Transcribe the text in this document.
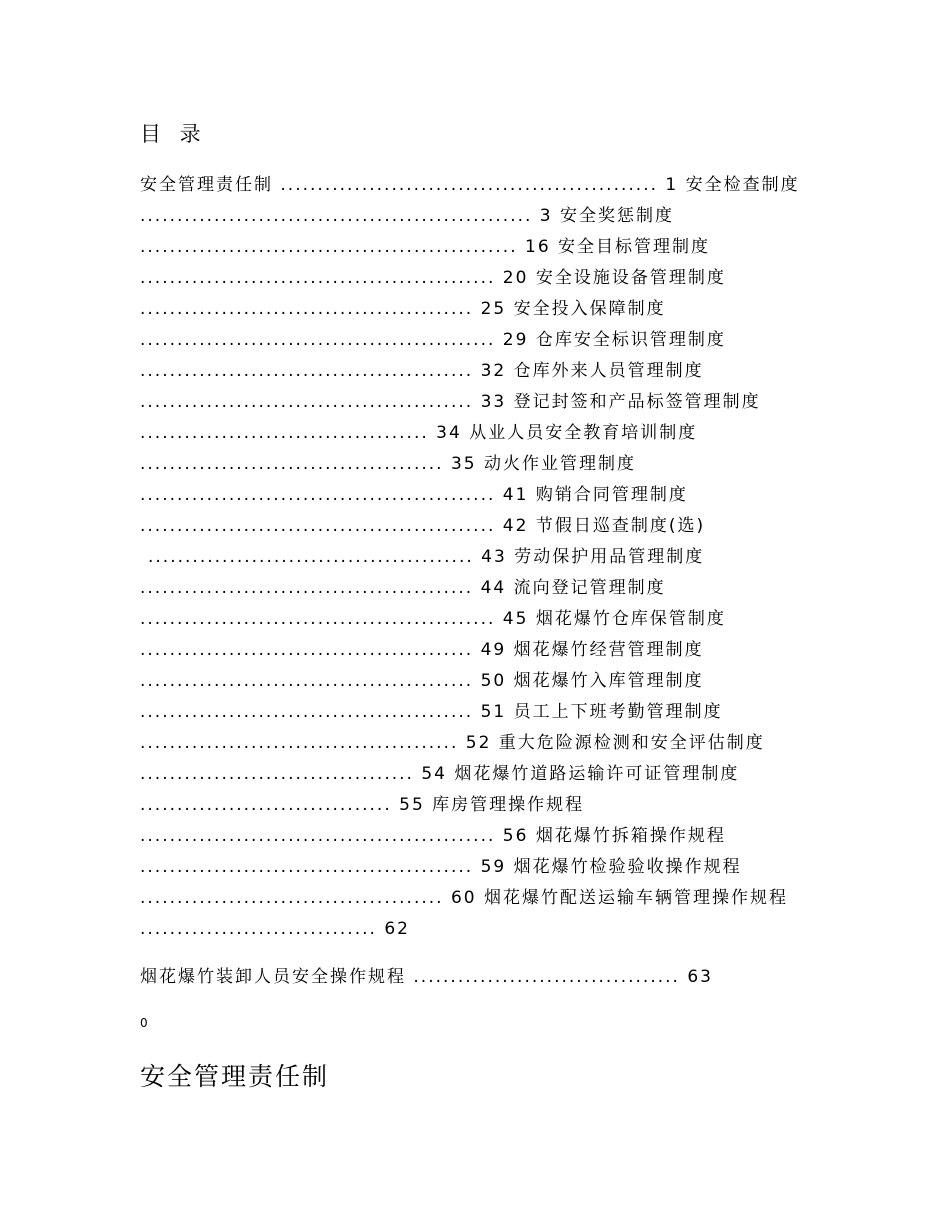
目 录
安全管理责任制 ................................................... 1 安全检查制度
..................................................... 3 安全奖惩制度
................................................... 16 安全目标管理制度
................................................ 20 安全设施设备管理制度
............................................. 25 安全投入保障制度
................................................ 29 仓库安全标识管理制度
............................................. 32 仓库外来人员管理制度
............................................. 33 登记封签和产品标签管理制度
....................................... 34 从业人员安全教育培训制度
......................................... 35 动火作业管理制度
................................................ 41 购销合同管理制度
................................................ 42 节假日巡查制度(选)
............................................ 43 劳动保护用品管理制度
............................................. 44 流向登记管理制度
................................................ 45 烟花爆竹仓库保管制度
............................................. 49 烟花爆竹经营管理制度
............................................. 50 烟花爆竹入库管理制度
............................................. 51 员工上下班考勤管理制度
........................................... 52 重大危险源检测和安全评估制度
..................................... 54 烟花爆竹道路运输许可证管理制度
.................................. 55 库房管理操作规程
................................................ 56 烟花爆竹拆箱操作规程
............................................. 59 烟花爆竹检验验收操作规程
......................................... 60 烟花爆竹配送运输车辆管理操作规程
................................ 62
烟花爆竹装卸人员安全操作规程 .................................... 63
0
安全管理责任制
